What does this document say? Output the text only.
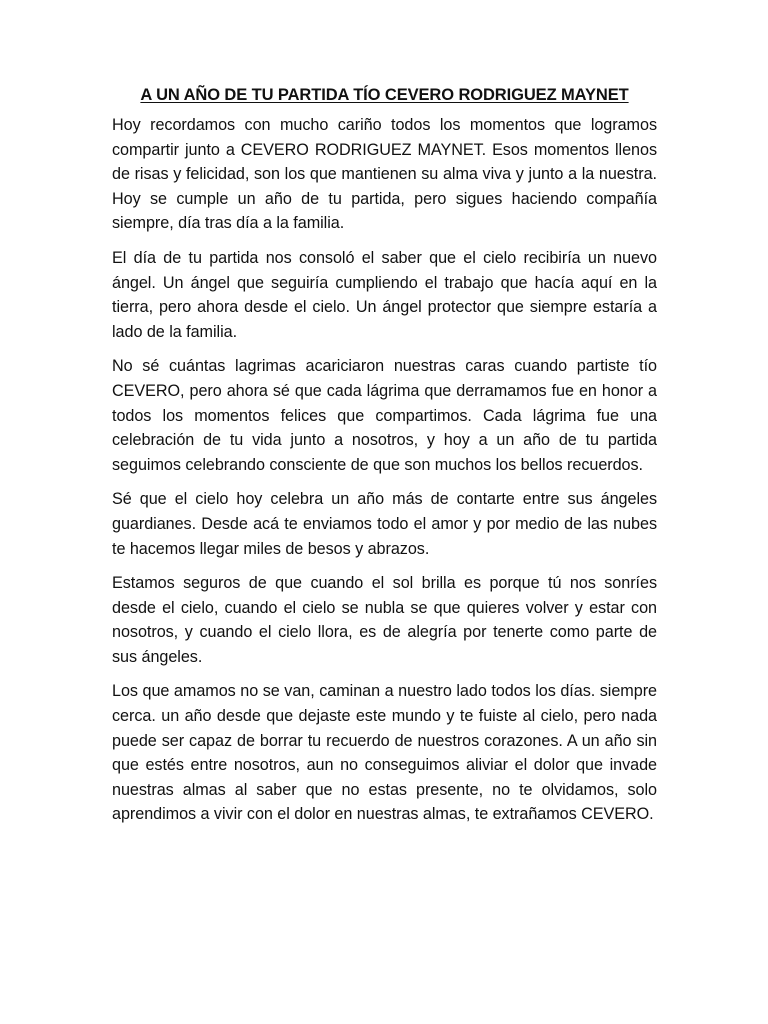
A UN AÑO DE TU PARTIDA TÍO CEVERO RODRIGUEZ MAYNET

Hoy recordamos con mucho cariño todos los momentos que logramos compartir junto a CEVERO RODRIGUEZ MAYNET. Esos momentos llenos de risas y felicidad, son los que mantienen su alma viva y junto a la nuestra. Hoy se cumple un año de tu partida, pero sigues haciendo compañía siempre, día tras día a la familia.

El día de tu partida nos consoló el saber que el cielo recibiría un nuevo ángel. Un ángel que seguiría cumpliendo el trabajo que hacía aquí en la tierra, pero ahora desde el cielo. Un ángel protector que siempre estaría a lado de la familia.

No sé cuántas lagrimas acariciaron nuestras caras cuando partiste tío CEVERO, pero ahora sé que cada lágrima que derramamos fue en honor a todos los momentos felices que compartimos. Cada lágrima fue una celebración de tu vida junto a nosotros, y hoy a un año de tu partida seguimos celebrando consciente de que son muchos los bellos recuerdos.

Sé que el cielo hoy celebra un año más de contarte entre sus ángeles guardianes. Desde acá te enviamos todo el amor y por medio de las nubes te hacemos llegar miles de besos y abrazos.

Estamos seguros de que cuando el sol brilla es porque tú nos sonríes desde el cielo, cuando el cielo se nubla se que quieres volver y estar con nosotros, y cuando el cielo llora, es de alegría por tenerte como parte de sus ángeles.

Los que amamos no se van, caminan a nuestro lado todos los días. siempre cerca. un año desde que dejaste este mundo y te fuiste al cielo, pero nada puede ser capaz de borrar tu recuerdo de nuestros corazones. A un año sin que estés entre nosotros, aun no conseguimos aliviar el dolor que invade nuestras almas al saber que no estas presente, no te olvidamos, solo aprendimos a vivir con el dolor en nuestras almas, te extrañamos CEVERO.
